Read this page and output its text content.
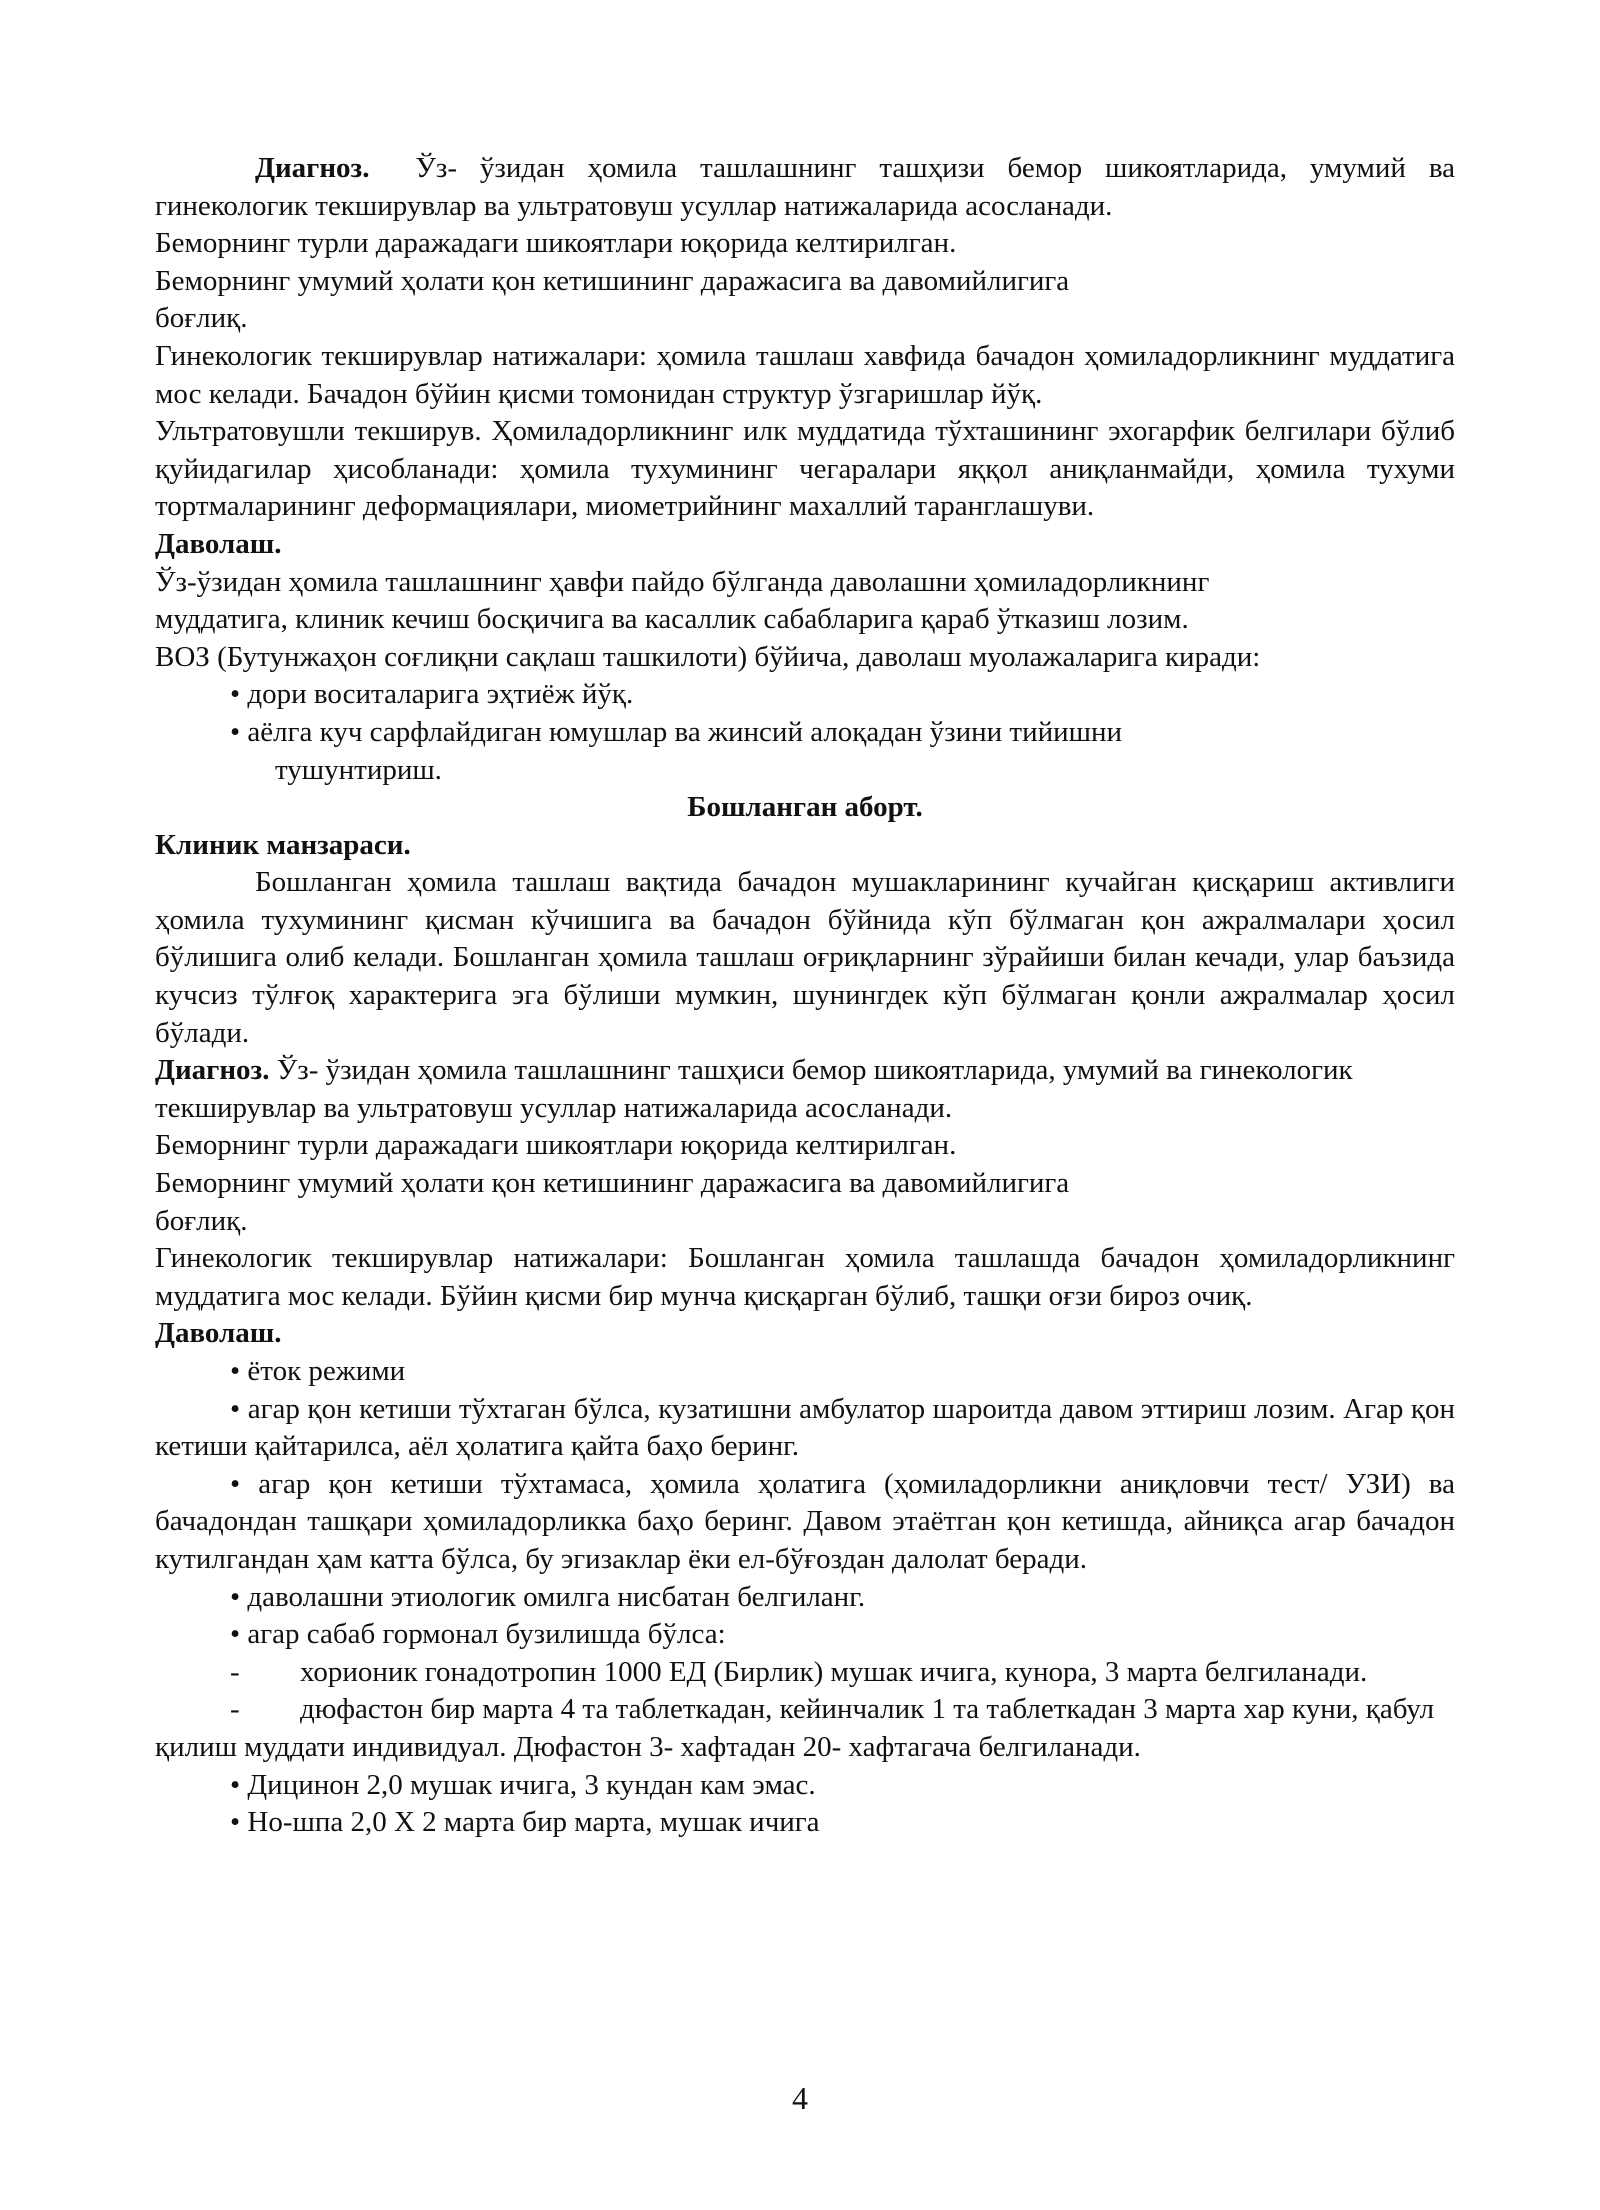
Диагноз. Ўз- ўзидан ҳомила ташлашнинг ташҳизи бемор шикоятларида, умумий ва гинекологик текширувлар ва ультратовуш усуллар натижаларида асосланади.

Беморнинг турли даражадаги шикоятлари юқорида келтирилган.

Беморнинг умумий ҳолати қон кетишининг даражасига ва давомийлигига

боғлиқ.

Гинекологик текширувлар натижалари: ҳомила ташлаш хавфида бачадон ҳомиладорликнинг муддатига мос келади. Бачадон бўйин қисми томонидан структур ўзгаришлар йўқ.

Ультратовушли текширув. Ҳомиладорликнинг илк муддатида тўхташининг эхогарфик белгилари бўлиб қуйидагилар ҳисобланади: ҳомила тухумининг чегаралари яққол аниқланмайди, ҳомила тухуми тортмаларининг деформациялари, миометрийнинг махаллий таранглашуви.

Даволаш.

Ўз-ўзидан ҳомила ташлашнинг ҳавфи пайдо бўлганда даволашни ҳомиладорликнинг

муддатига, клиник кечиш босқичига ва касаллик сабабларига қараб ўтказиш лозим.

ВОЗ (Бутунжаҳон соғлиқни сақлаш ташкилоти) бўйича, даволаш муолажаларига киради:

• дори воситаларига эҳтиёж йўқ.

• аёлга куч сарфлайдиган юмушлар ва жинсий алоқадан ўзини тийишни

тушунтириш.

Бошланган аборт.

Клиник манзараси.

Бошланган ҳомила ташлаш вақтида бачадон мушакларининг кучайган қисқариш активлиги ҳомила тухумининг қисман кўчишига ва бачадон бўйнида кўп бўлмаган қон ажралмалари ҳосил бўлишига олиб келади. Бошланган ҳомила ташлаш оғриқларнинг зўрайиши билан кечади, улар баъзида кучсиз тўлғоқ характерига эга бўлиши мумкин, шунингдек кўп бўлмаган қонли ажралмалар ҳосил бўлади.

Диагноз. Ўз- ўзидан ҳомила ташлашнинг ташҳиси бемор шикоятларида, умумий ва гинекологик текширувлар ва ультратовуш усуллар натижаларида асосланади.

Беморнинг турли даражадаги шикоятлари юқорида келтирилган.

Беморнинг умумий ҳолати қон кетишининг даражасига ва давомийлигига

боғлиқ.

Гинекологик текширувлар натижалари: Бошланган ҳомила ташлашда бачадон ҳомиладорликнинг муддатига мос келади. Бўйин қисми бир мунча қисқарган бўлиб, ташқи оғзи бироз очиқ.

Даволаш.

• ёток режими

• агар қон кетиши тўхтаган бўлса, кузатишни амбулатор шароитда давом эттириш лозим. Агар қон кетиши қайтарилса, аёл ҳолатига қайта баҳо беринг.

• агар қон кетиши тўхтамаса, ҳомила ҳолатига (ҳомиладорликни аниқловчи тест/ УЗИ) ва бачадондан ташқари ҳомиладорликка баҳо беринг. Давом этаётган қон кетишда, айниқса агар бачадон кутилгандан ҳам катта бўлса, бу эгизаклар ёки ел-бўғоздан далолат беради.

• даволашни этиологик омилга нисбатан белгиланг.

• агар сабаб гормонал бузилишда бўлса:

- хорионик гонадотропин 1000 ЕД (Бирлик) мушак ичига, кунора, 3 марта белгиланади.

- дюфастон бир марта 4 та таблеткадан, кейинчалик 1 та таблеткадан 3 марта хар куни, қабул қилиш муддати индивидуал. Дюфастон 3- хафтадан 20- хафтагача белгиланади.

• Дицинон 2,0 мушак ичига, 3 кундан кам эмас.

• Но-шпа 2,0 Х 2 марта бир марта, мушак ичига

4
